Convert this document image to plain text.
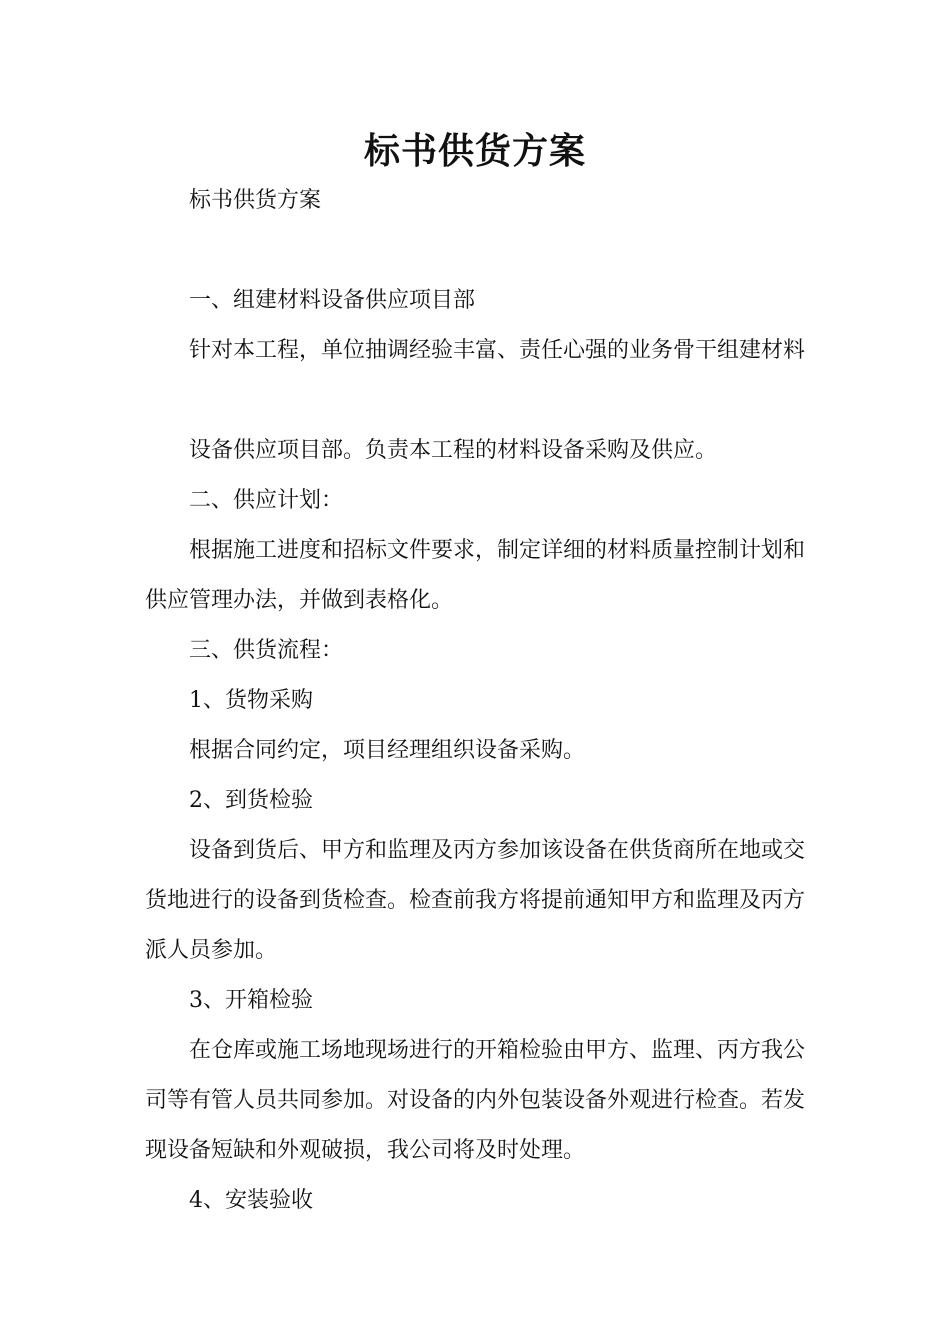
标书供货方案

标书供货方案

一、组建材料设备供应项目部

针对本工程，单位抽调经验丰富、责任心强的业务骨干组建材料

设备供应项目部。负责本工程的材料设备采购及供应。

二、供应计划：

根据施工进度和招标文件要求，制定详细的材料质量控制计划和供应管理办法，并做到表格化。

三、供货流程：

1、货物采购

根据合同约定，项目经理组织设备采购。

2、到货检验

设备到货后、甲方和监理及丙方参加该设备在供货商所在地或交货地进行的设备到货检查。检查前我方将提前通知甲方和监理及丙方派人员参加。

3、开箱检验

在仓库或施工场地现场进行的开箱检验由甲方、监理、丙方我公司等有管人员共同参加。对设备的内外包装设备外观进行检查。若发现设备短缺和外观破损，我公司将及时处理。

4、安装验收
